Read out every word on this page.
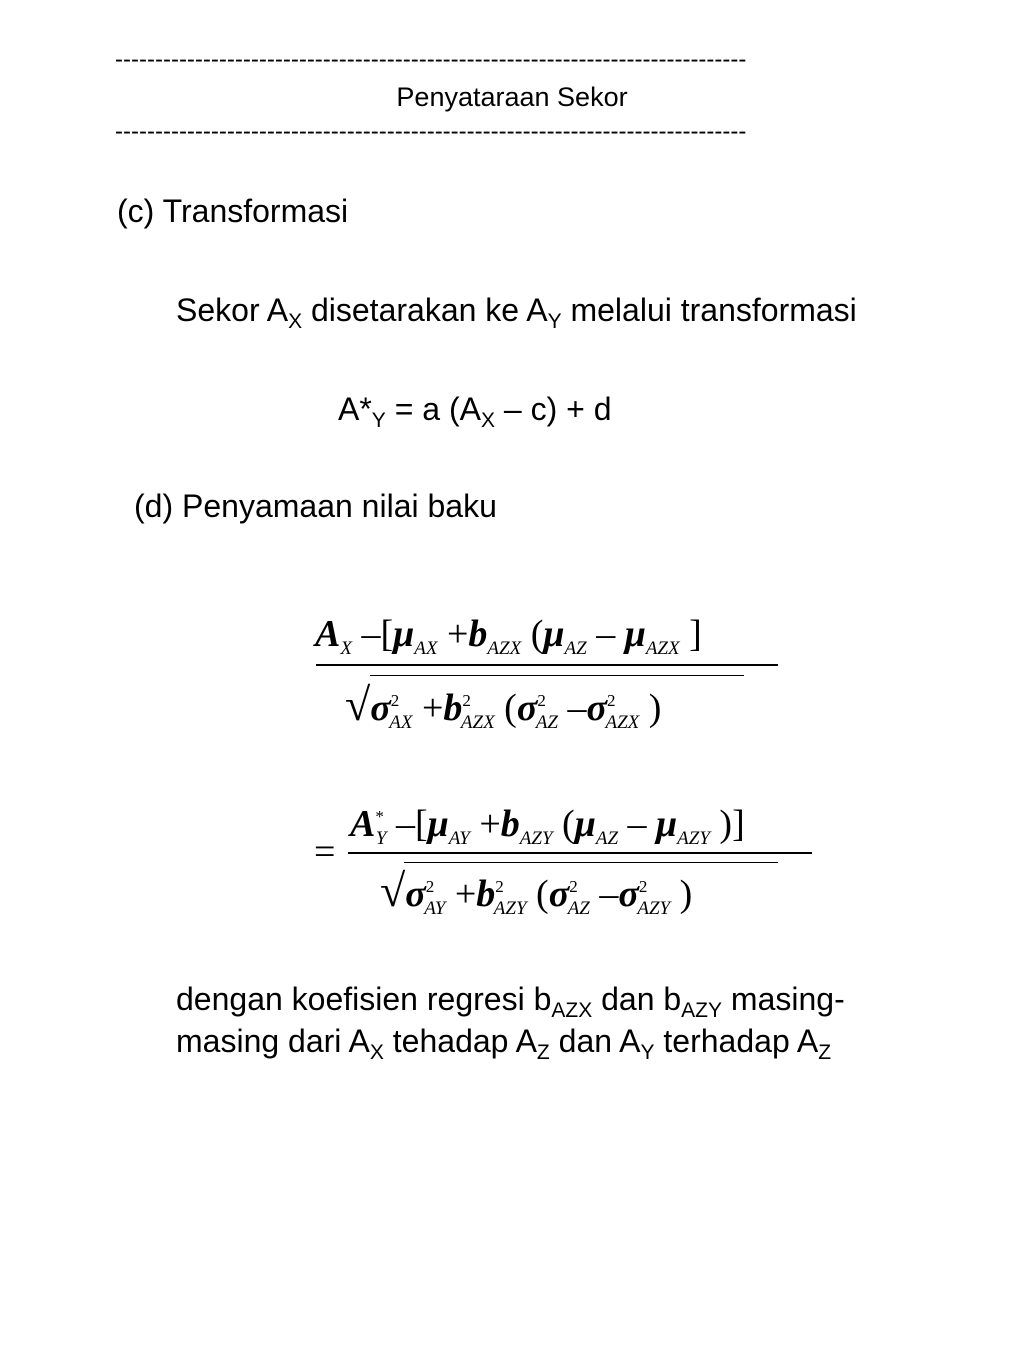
-------------------------------------------------------------------------------
Penyataraan Sekor
-------------------------------------------------------------------------------
(c) Transformasi
Sekor $A_X$ disetarakan ke $A_Y$ melalui transformasi
$A*_Y = a$ $(A_X - c) + d$
(d) Penyamaan nilai baku
$A_X$ $-[\mu_{AX} +b_{AZX}$ ($\mu_{AZ} - \mu_{AZX}$ ]
$√\sigma^2_{AX} +b^2_{AZX}$ ($\sigma^2_{AZ}$ $-\sigma^2_{AZX}$ )
=
$A^*_Y$ $-[\mu_{AY} +b_{AZY}$ ($\mu_{AZ} - \mu_{AZY}$ )]
$√\sigma^2_{AY} +b^2_{AZY}$ ($\sigma^2_{AZ}$ $-\sigma^2_{AZY}$ )
dengan koefisien regresi $b_{AZX}$ dan $b_{AZY}$ masing-
masing dari $A_X$ tehadap $A_Z$ dan $A_Y$ terhadap $A_Z$
